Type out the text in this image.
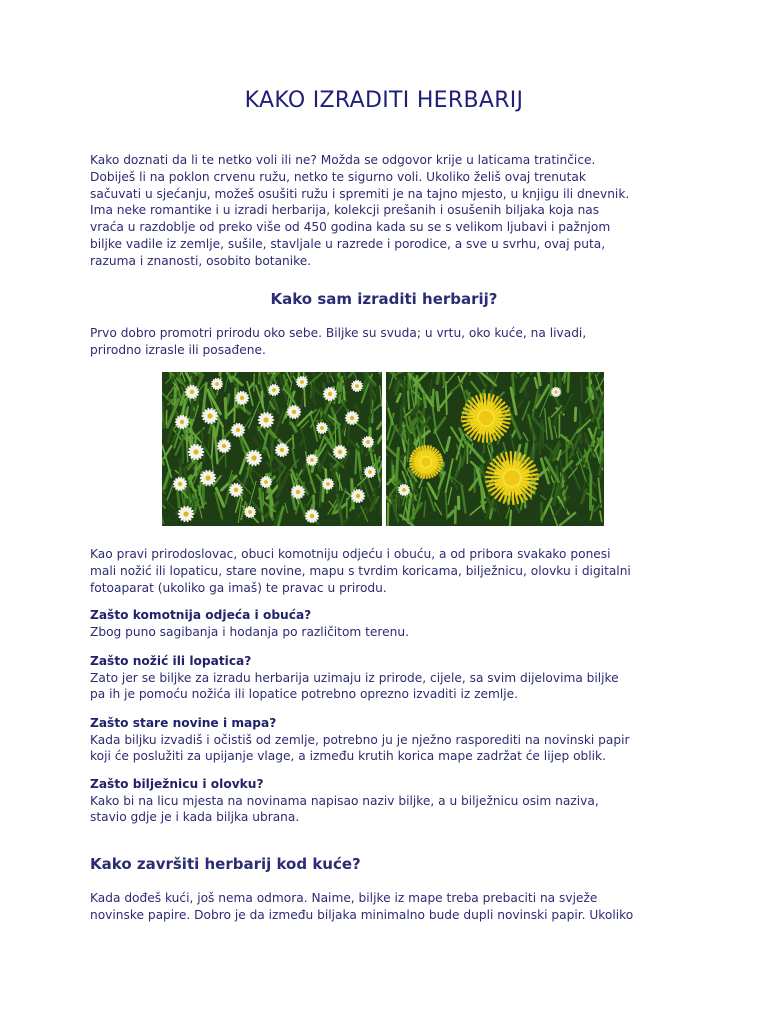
KAKO IZRADITI HERBARIJ

Kako doznati da li te netko voli ili ne? Možda se odgovor krije u laticama tratinčice.
Dobiješ li na poklon crvenu ružu, netko te sigurno voli. Ukoliko želiš ovaj trenutak
sačuvati u sjećanju, možeš osušiti ružu i spremiti je na tajno mjesto, u knjigu ili dnevnik.
Ima neke romantike i u izradi herbarija, kolekcji prešanih i osušenih biljaka koja nas
vraća u razdoblje od preko više od 450 godina kada su se s velikom ljubavi i pažnjom
biljke vadile iz zemlje, sušile, stavljale u razrede i porodice, a sve u svrhu, ovaj puta,
razuma i znanosti, osobito botanike.

Kako sam izraditi herbarij?

Prvo dobro promotri prirodu oko sebe. Biljke su svuda; u vrtu, oko kuće, na livadi,
prirodno izrasle ili posađene.

Kao pravi prirodoslovac, obuci komotniju odjeću i obuću, a od pribora svakako ponesi
mali nožić ili lopaticu, stare novine, mapu s tvrdim koricama, bilježnicu, olovku i digitalni
fotoaparat (ukoliko ga imaš) te pravac u prirodu.

Zašto komotnija odjeća i obuća?
Zbog puno sagibanja i hodanja po različitom terenu.
Zašto nožić ili lopatica?
Zato jer se biljke za izradu herbarija uzimaju iz prirode, cijele, sa svim dijelovima biljke
pa ih je pomoću nožića ili lopatice potrebno oprezno izvaditi iz zemlje.
Zašto stare novine i mapa?
Kada biljku izvadiš i očistiš od zemlje, potrebno ju je nježno rasporediti na novinski papir
koji će poslužiti za upijanje vlage, a između krutih korica mape zadržat će lijep oblik.
Zašto bilježnicu i olovku?
Kako bi na licu mjesta na novinama napisao naziv biljke, a u bilježnicu osim naziva,
stavio gdje je i kada biljka ubrana.
Kako završiti herbarij kod kuće?

Kada dođeš kući, još nema odmora. Naime, biljke iz mape treba prebaciti na svježe
novinske papire. Dobro je da između biljaka minimalno bude dupli novinski papir. Ukoliko
